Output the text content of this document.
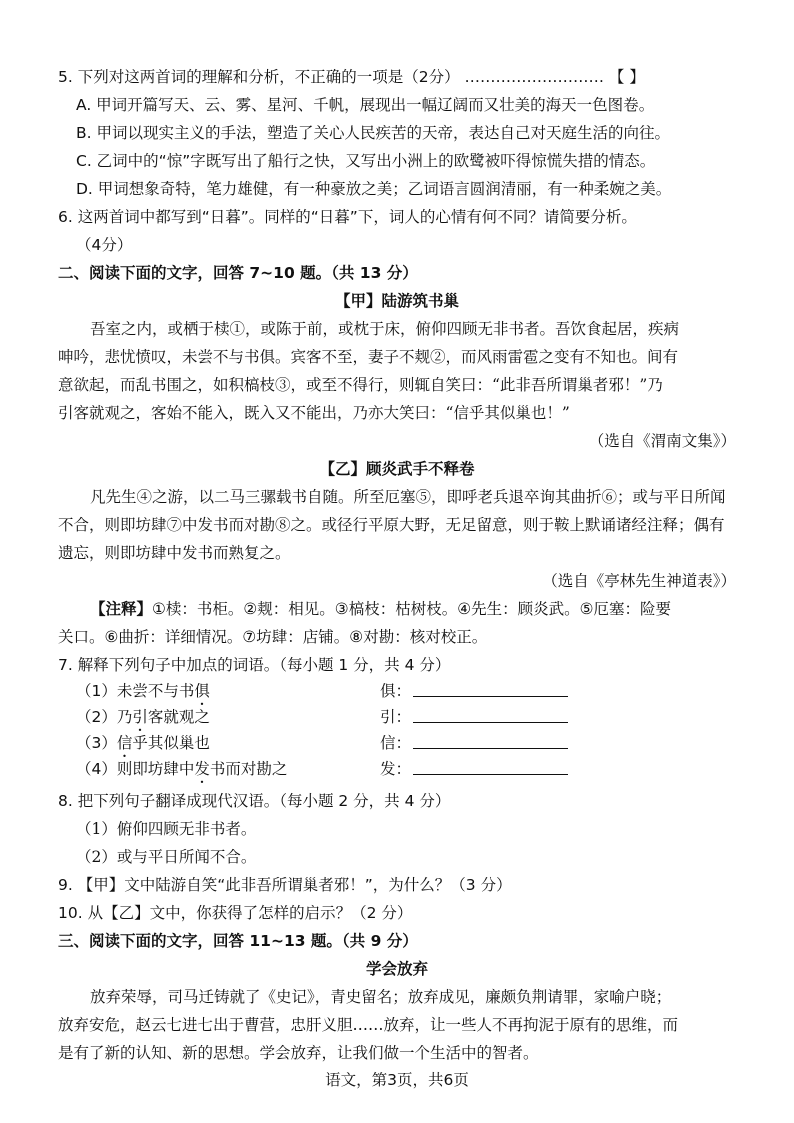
5. 下列对这两首词的理解和分析，不正确的一项是（2分） ……………………… 【 】
A. 甲词开篇写天、云、雾、星河、千帆，展现出一幅辽阔而又壮美的海天一色图卷。
B. 甲词以现实主义的手法，塑造了关心人民疾苦的天帝，表达自己对天庭生活的向往。
C. 乙词中的“惊”字既写出了船行之快，又写出小洲上的欧鹭被吓得惊慌失措的情态。
D. 甲词想象奇特，笔力雄健，有一种豪放之美；乙词语言圆润清丽，有一种柔婉之美。
6. 这两首词中都写到“日暮”。同样的“日暮”下，词人的心情有何不同？请简要分析。
（4分）
二、阅读下面的文字，回答 7~10 题。（共 13 分）
【甲】陆游筑书巢
吾室之内，或栖于椟①，或陈于前，或枕于床，俯仰四顾无非书者。吾饮食起居，疾病
呻吟，悲忧愤叹，未尝不与书俱。宾客不至，妻子不觌②，而风雨雷雹之变有不知也。间有
意欲起，而乱书围之，如积槁枝③，或至不得行，则辄自笑曰：“此非吾所谓巢者邪！”乃
引客就观之，客始不能入，既入又不能出，乃亦大笑曰：“信乎其似巢也！”
（选自《渭南文集》）
【乙】顾炎武手不释卷
凡先生④之游，以二马三骡载书自随。所至厄塞⑤，即呼老兵退卒询其曲折⑥；或与平日所闻
不合，则即坊肆⑦中发书而对勘⑧之。或径行平原大野，无足留意，则于鞍上默诵诸经注释；偶有
遗忘，则即坊肆中发书而熟复之。
（选自《亭林先生神道表》）
【注释】①椟：书柜。②觌：相见。③槁枝：枯树枝。④先生：顾炎武。⑤厄塞：险要
关口。⑥曲折：详细情况。⑦坊肆：店铺。⑧对勘：核对校正。
7. 解释下列句子中加点的词语。（每小题 1 分，共 4 分）
（1）未尝不与书俱	俱：
（2）乃引客就观之	引：
（3）信乎其似巢也	信：
（4）则即坊肆中发书而对勘之	发：
8. 把下列句子翻译成现代汉语。（每小题 2 分，共 4 分）
（1）俯仰四顾无非书者。
（2）或与平日所闻不合。
9. 【甲】文中陆游自笑“此非吾所谓巢者邪！”，为什么？（3 分）
10. 从【乙】文中，你获得了怎样的启示？（2 分）
三、阅读下面的文字，回答 11~13 题。（共 9 分）
学会放弃
放弃荣辱，司马迁铸就了《史记》，青史留名；放弃成见，廉颇负荆请罪，家喻户晓；
放弃安危，赵云七进七出于曹营，忠肝义胆……放弃，让一些人不再拘泥于原有的思维，而
是有了新的认知、新的思想。学会放弃，让我们做一个生活中的智者。
语文，第3页，共6页
